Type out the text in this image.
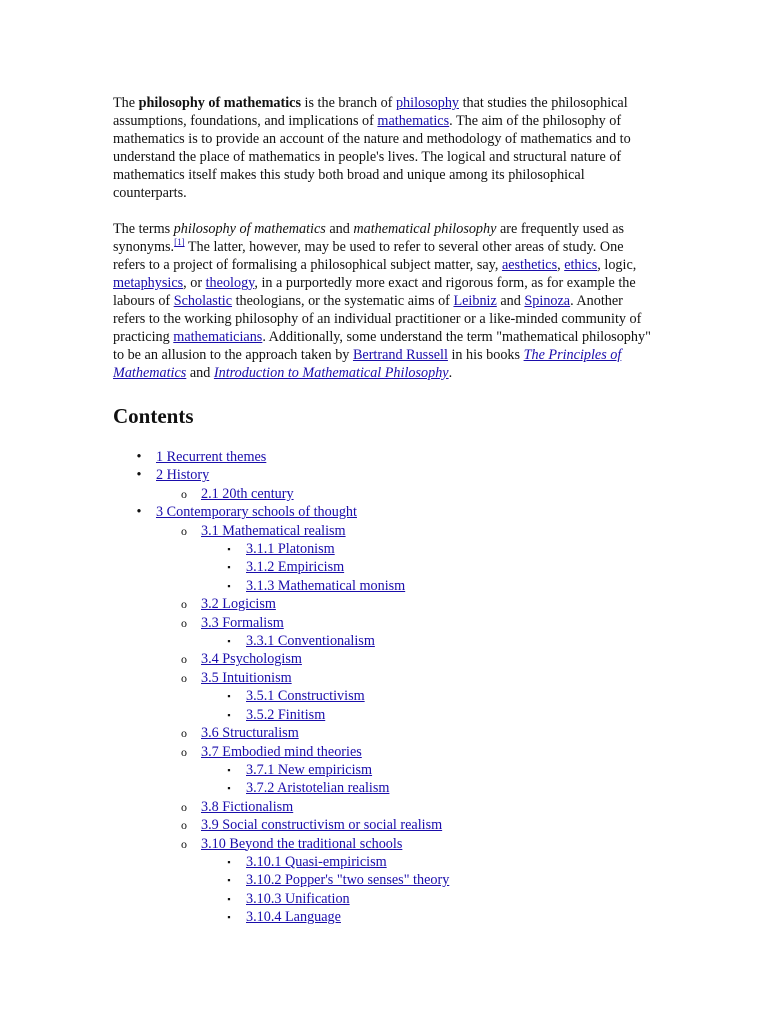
The philosophy of mathematics is the branch of philosophy that studies the philosophical assumptions, foundations, and implications of mathematics. The aim of the philosophy of mathematics is to provide an account of the nature and methodology of mathematics and to understand the place of mathematics in people's lives. The logical and structural nature of mathematics itself makes this study both broad and unique among its philosophical counterparts.

The terms philosophy of mathematics and mathematical philosophy are frequently used as synonyms.[1] The latter, however, may be used to refer to several other areas of study. One refers to a project of formalising a philosophical subject matter, say, aesthetics, ethics, logic, metaphysics, or theology, in a purportedly more exact and rigorous form, as for example the labours of Scholastic theologians, or the systematic aims of Leibniz and Spinoza. Another refers to the working philosophy of an individual practitioner or a like-minded community of practicing mathematicians. Additionally, some understand the term "mathematical philosophy" to be an allusion to the approach taken by Bertrand Russell in his books The Principles of Mathematics and Introduction to Mathematical Philosophy.

Contents
• 1 Recurrent themes
• 2 History
o 2.1 20th century
• 3 Contemporary schools of thought
o 3.1 Mathematical realism
▪	3.1.1 Platonism
▪	3.1.2 Empiricism
▪	3.1.3 Mathematical monism
o 3.2 Logicism
o 3.3 Formalism
▪	3.3.1 Conventionalism
o 3.4 Psychologism
o 3.5 Intuitionism
▪	3.5.1 Constructivism
▪	3.5.2 Finitism
o 3.6 Structuralism
o 3.7 Embodied mind theories
▪	3.7.1 New empiricism
▪	3.7.2 Aristotelian realism
o 3.8 Fictionalism
o 3.9 Social constructivism or social realism
o 3.10 Beyond the traditional schools
▪	3.10.1 Quasi-empiricism
▪	3.10.2 Popper's "two senses" theory
▪	3.10.3 Unification
▪	3.10.4 Language
